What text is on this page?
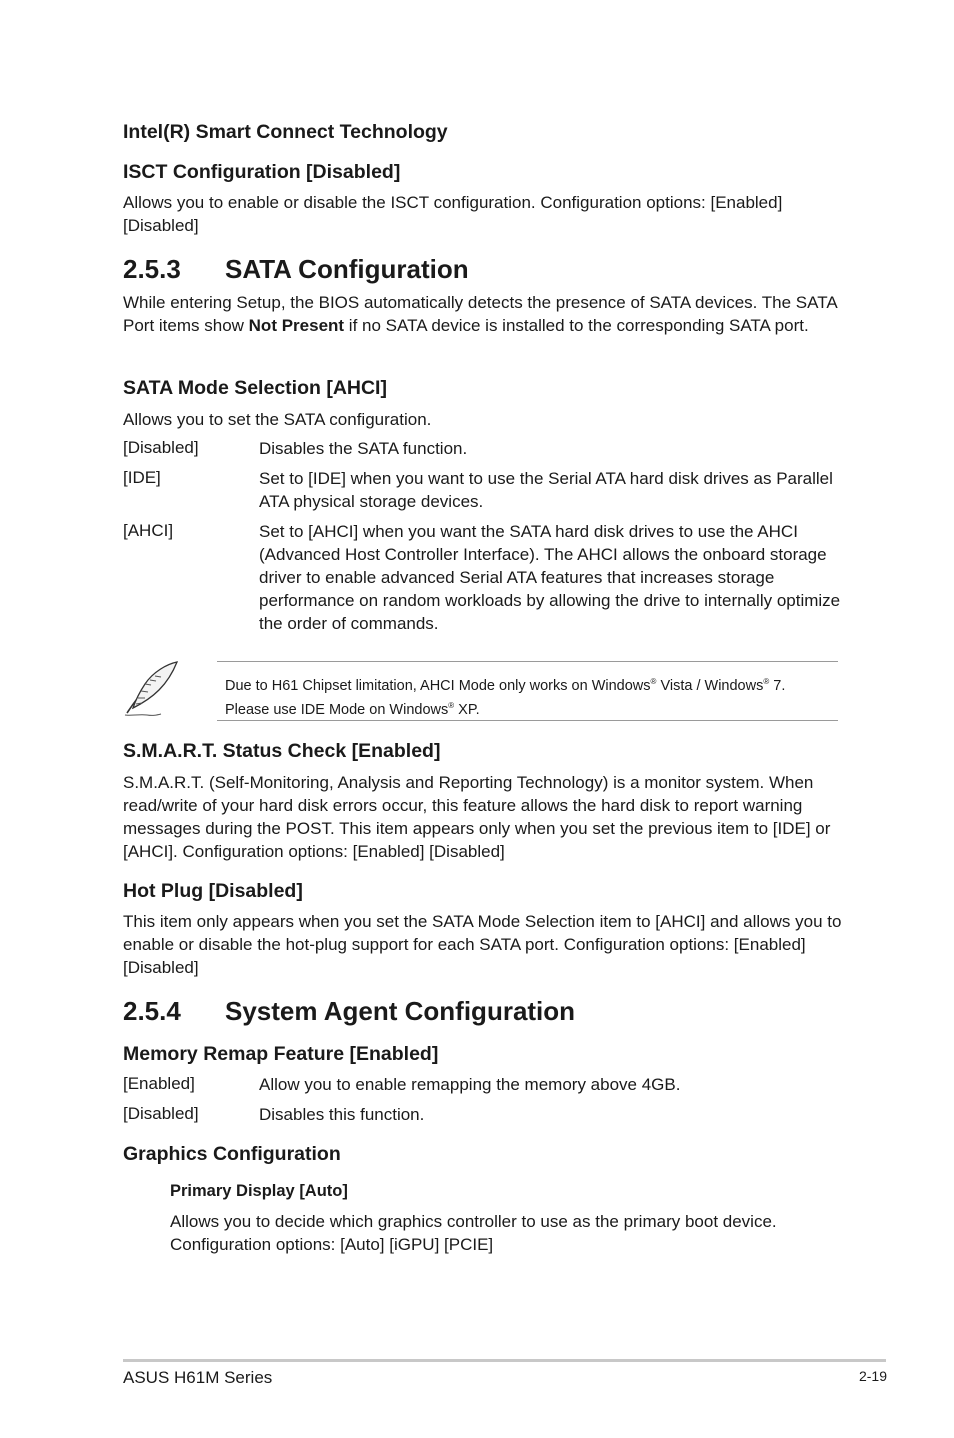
Intel(R) Smart Connect Technology
ISCT Configuration [Disabled]
Allows you to enable or disable the ISCT configuration. Configuration options: [Enabled] [Disabled]
2.5.3 SATA Configuration
While entering Setup, the BIOS automatically detects the presence of SATA devices. The SATA Port items show Not Present if no SATA device is installed to the corresponding SATA port.
SATA Mode Selection [AHCI]
Allows you to set the SATA configuration.
[Disabled]	Disables the SATA function.
[IDE]	Set to [IDE] when you want to use the Serial ATA hard disk drives as Parallel ATA physical storage devices.
[AHCI]	Set to [AHCI] when you want the SATA hard disk drives to use the AHCI (Advanced Host Controller Interface). The AHCI allows the onboard storage driver to enable advanced Serial ATA features that increases storage performance on random workloads by allowing the drive to internally optimize the order of commands.
Due to H61 Chipset limitation, AHCI Mode only works on Windows® Vista / Windows® 7.
Please use IDE Mode on Windows® XP.
S.M.A.R.T. Status Check [Enabled]
S.M.A.R.T. (Self-Monitoring, Analysis and Reporting Technology) is a monitor system. When read/write of your hard disk errors occur, this feature allows the hard disk to report warning messages during the POST. This item appears only when you set the previous item to [IDE] or [AHCI]. Configuration options: [Enabled] [Disabled]
Hot Plug [Disabled]
This item only appears when you set the SATA Mode Selection item to [AHCI] and allows you to enable or disable the hot-plug support for each SATA port. Configuration options: [Enabled] [Disabled]
2.5.4 System Agent Configuration
Memory Remap Feature [Enabled]
[Enabled]	Allow you to enable remapping the memory above 4GB.
[Disabled]	Disables this function.
Graphics Configuration
Primary Display [Auto]
Allows you to decide which graphics controller to use as the primary boot device. Configuration options: [Auto] [iGPU] [PCIE]
ASUS H61M Series	2-19
